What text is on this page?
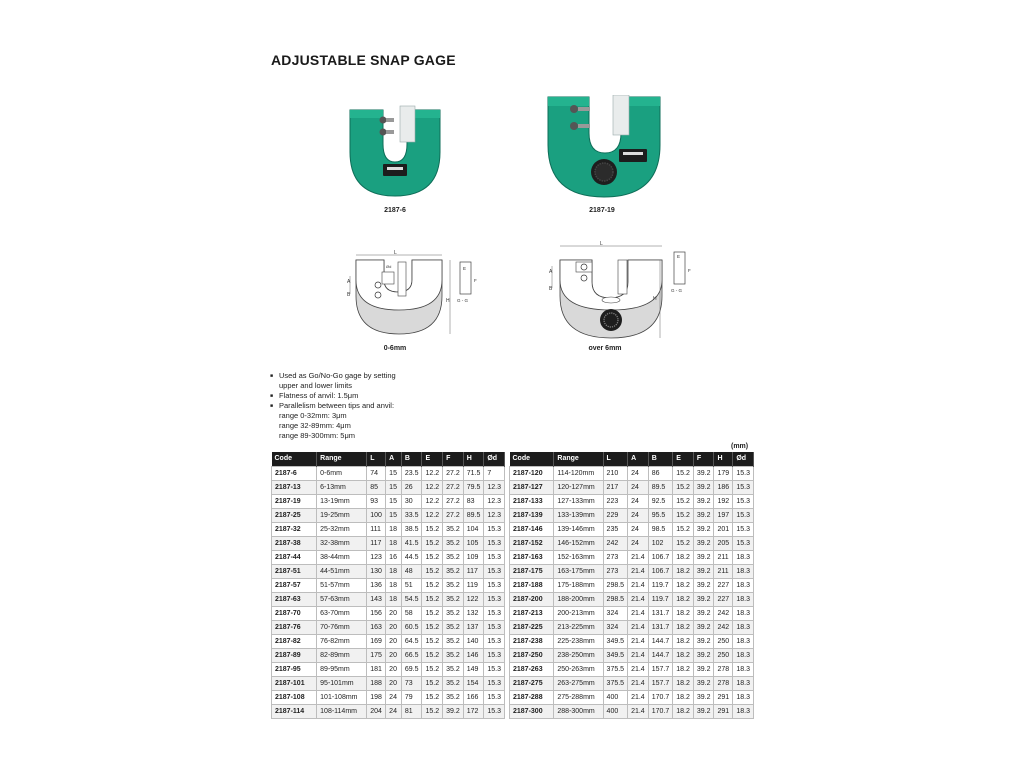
ADJUSTABLE SNAP GAGE
2187-6	2187-19
L
A
B
H
E
F
G - G
Ød
0-6mm
L
A
B
H
E
F
G - G
over 6mm
■ Used as Go/No-Go gage by setting
upper and lower limits
■ Flatness of anvil: 1.5μm
■ Parallelism between tips and anvil:
range 0-32mm: 3μm
range 32-89mm: 4μm
range 89-300mm: 5μm
(mm)
Code	Range	L	A	B	E	F	H	Ød
2187-6	0-6mm	74	15	23.5	12.2	27.2	71.5	7
2187-13	6-13mm	85	15	26	12.2	27.2	79.5	12.3
2187-19	13-19mm	93	15	30	12.2	27.2	83	12.3
2187-25	19-25mm	100	15	33.5	12.2	27.2	89.5	12.3
2187-32	25-32mm	111	18	38.5	15.2	35.2	104	15.3
2187-38	32-38mm	117	18	41.5	15.2	35.2	105	15.3
2187-44	38-44mm	123	16	44.5	15.2	35.2	109	15.3
2187-51	44-51mm	130	18	48	15.2	35.2	117	15.3
2187-57	51-57mm	136	18	51	15.2	35.2	119	15.3
2187-63	57-63mm	143	18	54.5	15.2	35.2	122	15.3
2187-70	63-70mm	156	20	58	15.2	35.2	132	15.3
2187-76	70-76mm	163	20	60.5	15.2	35.2	137	15.3
2187-82	76-82mm	169	20	64.5	15.2	35.2	140	15.3
2187-89	82-89mm	175	20	66.5	15.2	35.2	146	15.3
2187-95	89-95mm	181	20	69.5	15.2	35.2	149	15.3
2187-101	95-101mm	188	20	73	15.2	35.2	154	15.3
2187-108	101-108mm	198	24	79	15.2	35.2	166	15.3
2187-114	108-114mm	204	24	81	15.2	39.2	172	15.3
Code	Range	L	A	B	E	F	H	Ød
2187-120	114-120mm	210	24	86	15.2	39.2	179	15.3
2187-127	120-127mm	217	24	89.5	15.2	39.2	186	15.3
2187-133	127-133mm	223	24	92.5	15.2	39.2	192	15.3
2187-139	133-139mm	229	24	95.5	15.2	39.2	197	15.3
2187-146	139-146mm	235	24	98.5	15.2	39.2	201	15.3
2187-152	146-152mm	242	24	102	15.2	39.2	205	15.3
2187-163	152-163mm	273	21.4	106.7	18.2	39.2	211	18.3
2187-175	163-175mm	273	21.4	106.7	18.2	39.2	211	18.3
2187-188	175-188mm	298.5	21.4	119.7	18.2	39.2	227	18.3
2187-200	188-200mm	298.5	21.4	119.7	18.2	39.2	227	18.3
2187-213	200-213mm	324	21.4	131.7	18.2	39.2	242	18.3
2187-225	213-225mm	324	21.4	131.7	18.2	39.2	242	18.3
2187-238	225-238mm	349.5	21.4	144.7	18.2	39.2	250	18.3
2187-250	238-250mm	349.5	21.4	144.7	18.2	39.2	250	18.3
2187-263	250-263mm	375.5	21.4	157.7	18.2	39.2	278	18.3
2187-275	263-275mm	375.5	21.4	157.7	18.2	39.2	278	18.3
2187-288	275-288mm	400	21.4	170.7	18.2	39.2	291	18.3
2187-300	288-300mm	400	21.4	170.7	18.2	39.2	291	18.3
